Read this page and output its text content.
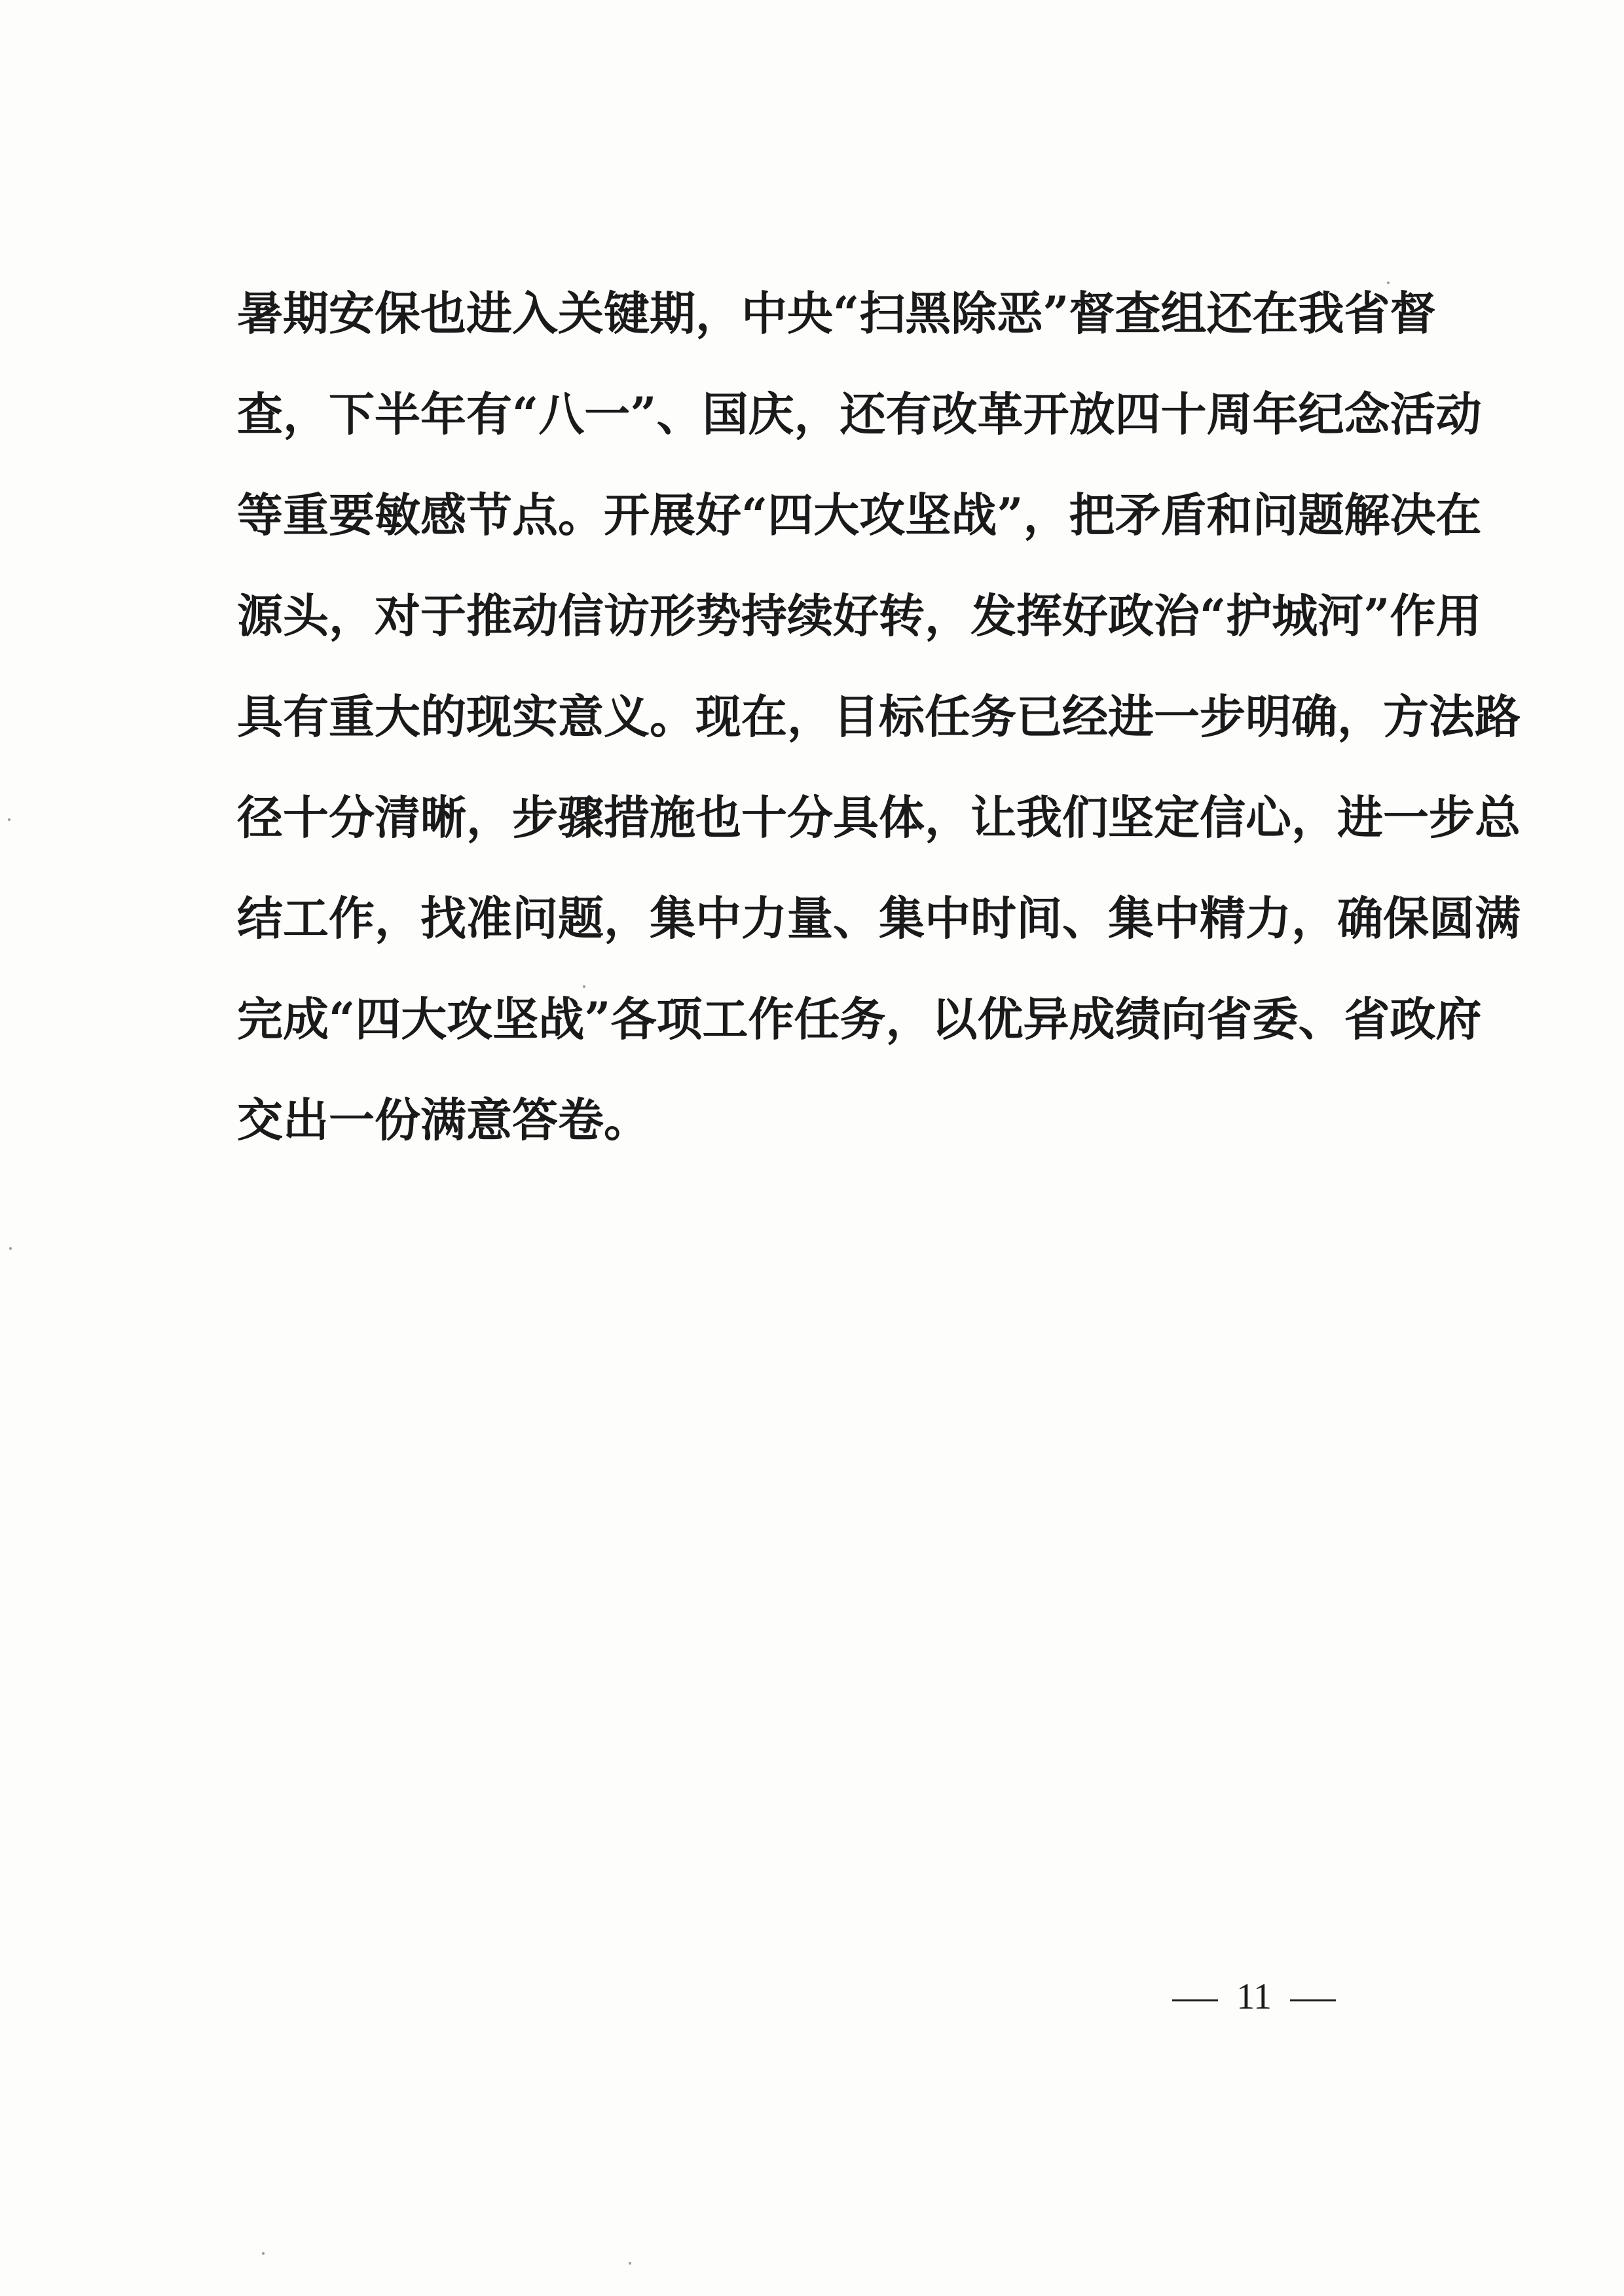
暑期安保也进入关键期，中央“扫黑除恶”督查组还在我省督
查，下半年有“八一”、国庆，还有改革开放四十周年纪念活动
等重要敏感节点。开展好“四大攻坚战”，把矛盾和问题解决在
源头，对于推动信访形势持续好转，发挥好政治“护城河”作用
具有重大的现实意义。现在，目标任务已经进一步明确，方法路
径十分清晰，步骤措施也十分具体，让我们坚定信心，进一步总
结工作，找准问题，集中力量、集中时间、集中精力，确保圆满
完成“四大攻坚战”各项工作任务，以优异成绩向省委、省政府
交出一份满意答卷。
11
